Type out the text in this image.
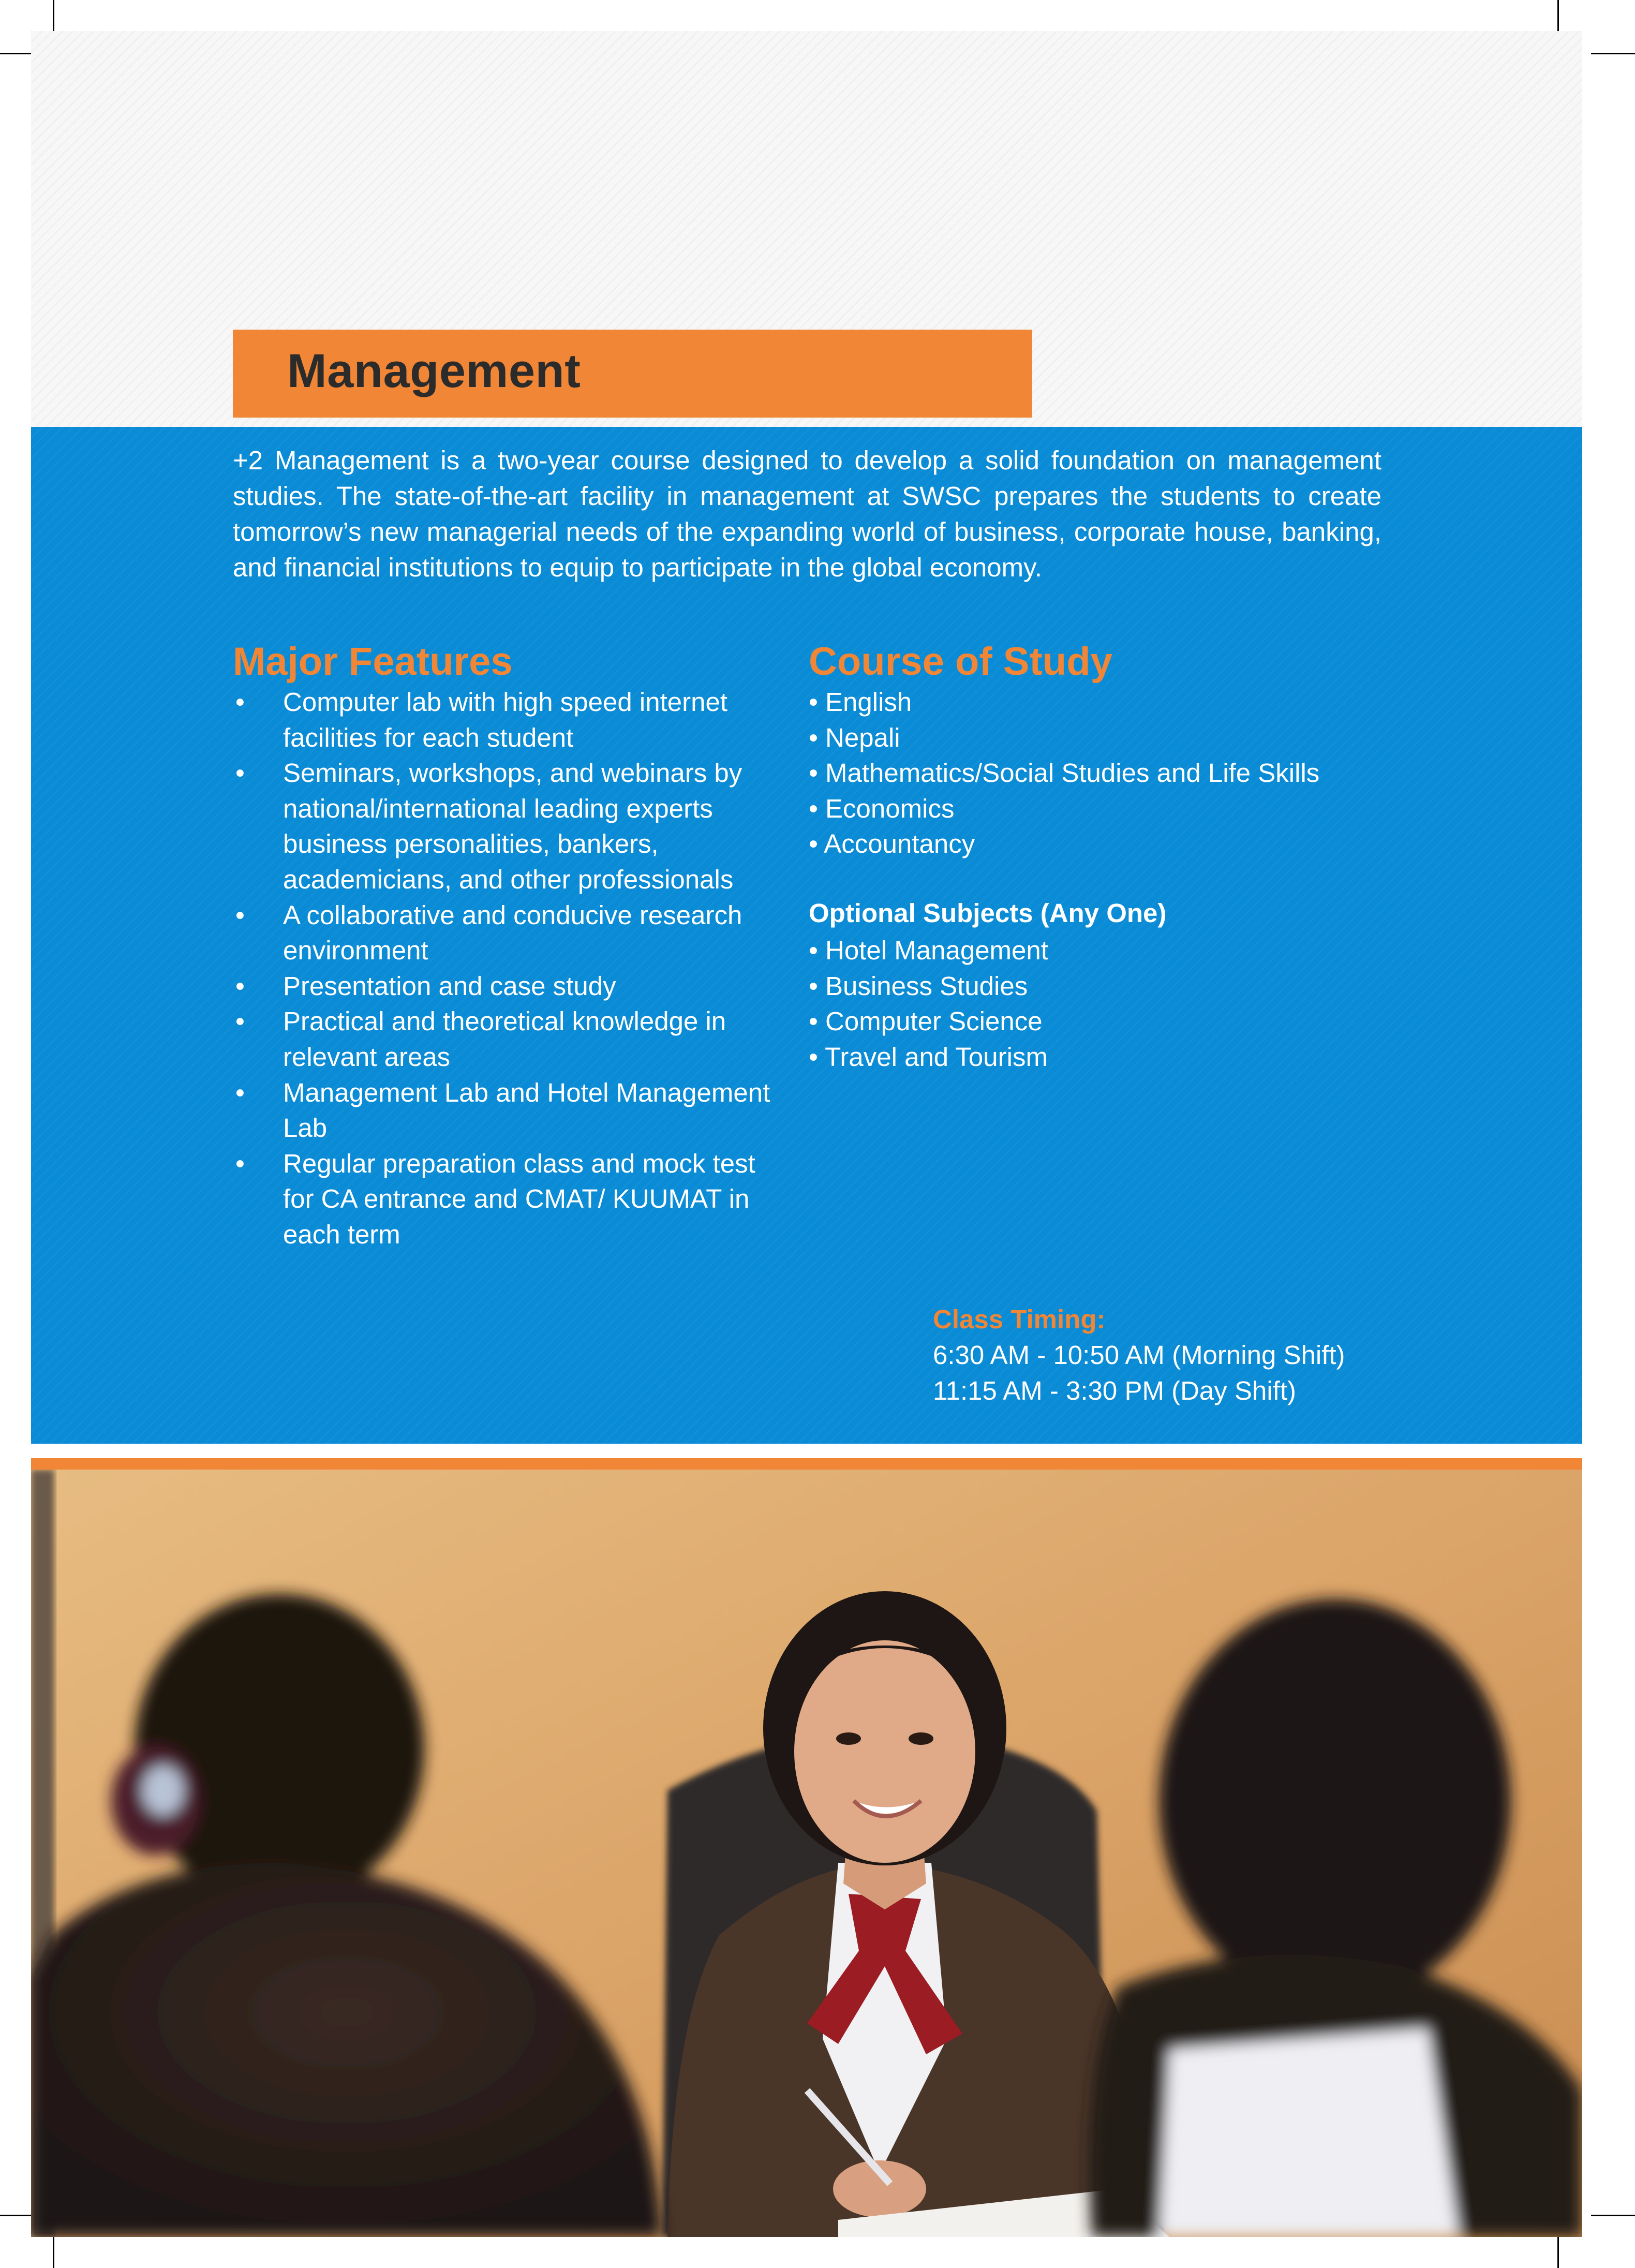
Management

+2 Management is a two-year course designed to develop a solid foundation on management studies. The state-of-the-art facility in management at SWSC prepares the students to create tomorrow’s new managerial needs of the expanding world of business, corporate house, banking, and financial institutions to equip to participate in the global economy.

Major Features
• Computer lab with high speed internet facilities for each student
• Seminars, workshops, and webinars by national/international leading experts business personalities, bankers, academicians, and other professionals
• A collaborative and conducive research environment
• Presentation and case study
• Practical and theoretical knowledge in relevant areas
• Management Lab and Hotel Management Lab
• Regular preparation class and mock test for CA entrance and CMAT/ KUUMAT in each term
Course of Study
• English
• Nepali
• Mathematics/Social Studies and Life Skills
• Economics
• Accountancy
Optional Subjects (Any One)
• Hotel Management
• Business Studies
• Computer Science
• Travel and Tourism
Class Timing:
6:30 AM - 10:50 AM (Morning Shift)
11:15 AM - 3:30 PM (Day Shift)
